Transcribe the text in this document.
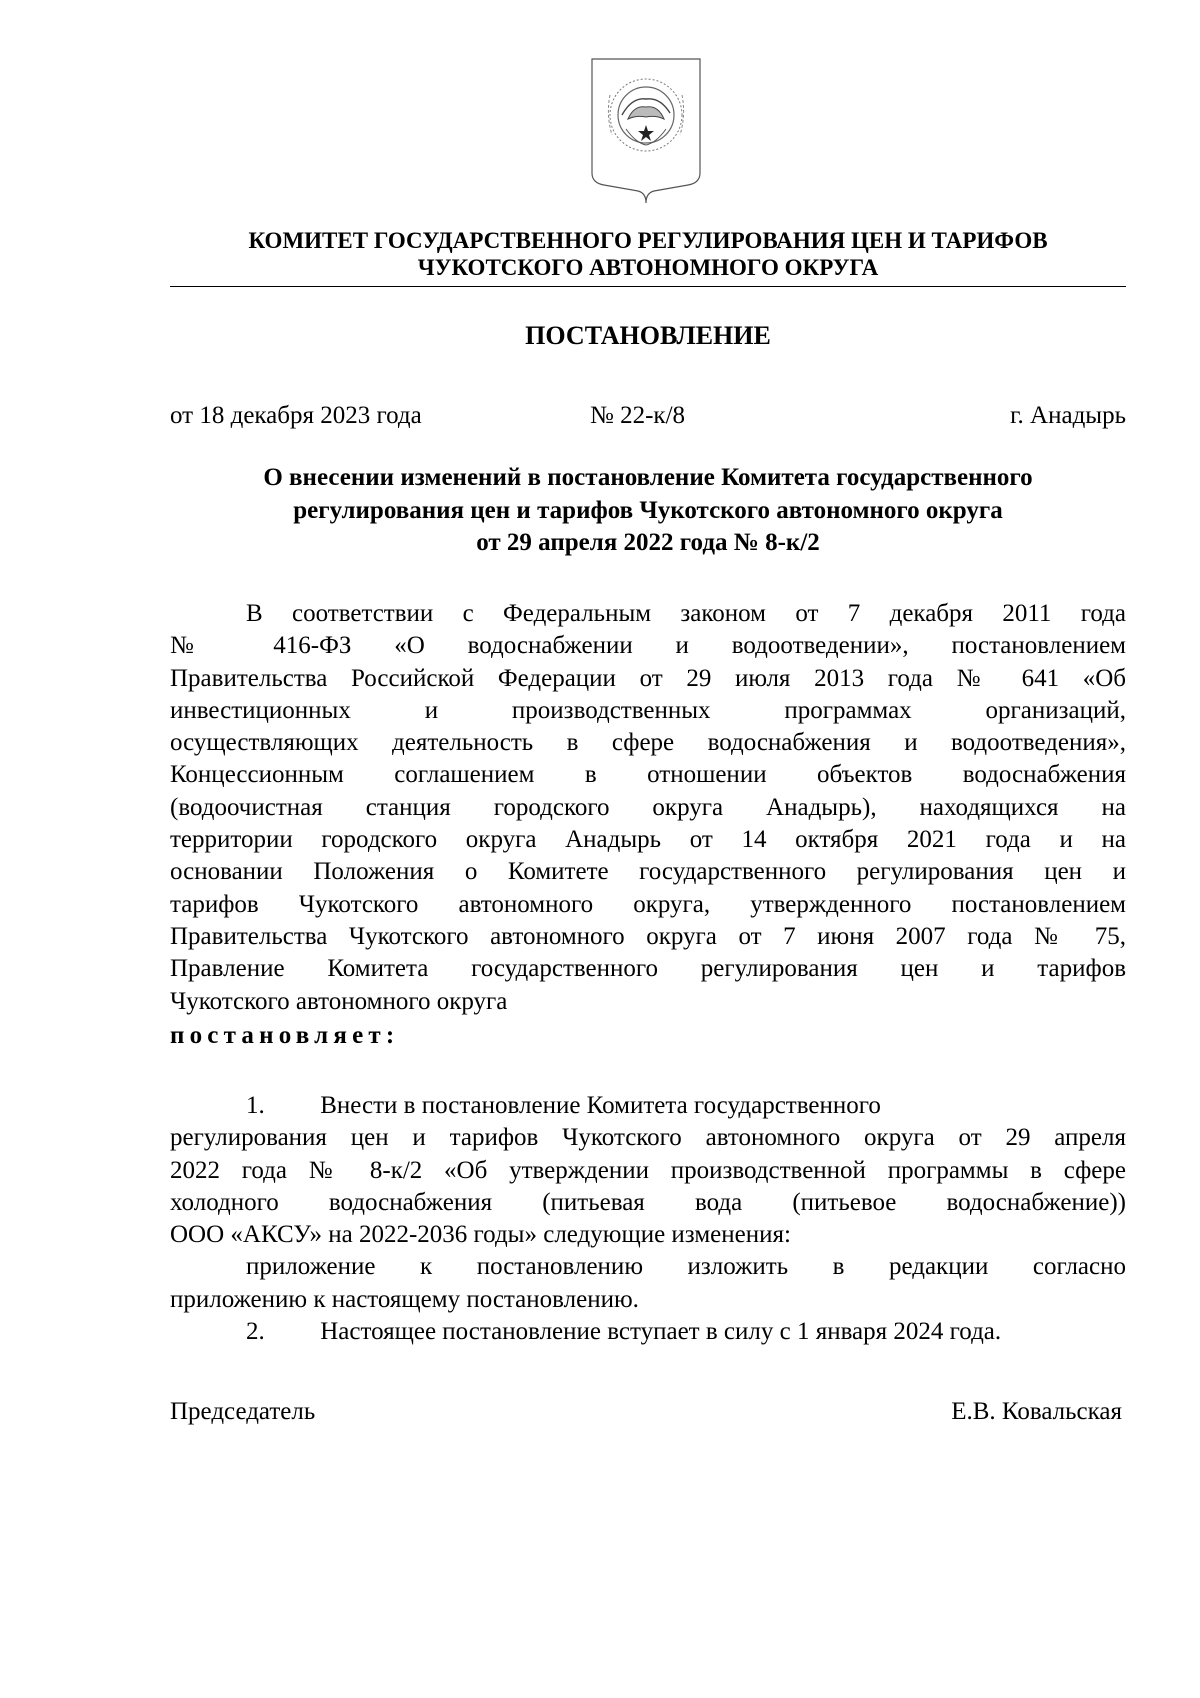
КОМИТЕТ ГОСУДАРСТВЕННОГО РЕГУЛИРОВАНИЯ ЦЕН И ТАРИФОВ
ЧУКОТСКОГО АВТОНОМНОГО ОКРУГА
ПОСТАНОВЛЕНИЕ
от 18 декабря 2023 года	№ 22-к/8	г. Анадырь
О внесении изменений в постановление Комитета государственного
регулирования цен и тарифов Чукотского автономного округа
от 29 апреля 2022 года № 8-к/2
В соответствии с Федеральным законом от 7 декабря 2011 года
№ 416-ФЗ «О водоснабжении и водоотведении», постановлением
Правительства Российской Федерации от 29 июля 2013 года № 641 «Об
инвестиционных и производственных программах организаций,
осуществляющих деятельность в сфере водоснабжения и водоотведения»,
Концессионным соглашением в отношении объектов водоснабжения
(водоочистная станция городского округа Анадырь), находящихся на
территории городского округа Анадырь от 14 октября 2021 года и на
основании Положения о Комитете государственного регулирования цен и
тарифов Чукотского автономного округа, утвержденного постановлением
Правительства Чукотского автономного округа от 7 июня 2007 года № 75,
Правление Комитета государственного регулирования цен и тарифов
Чукотского автономного округа
постановляет:
1. Внести в постановление Комитета государственного
регулирования цен и тарифов Чукотского автономного округа от 29 апреля
2022 года № 8-к/2 «Об утверждении производственной программы в сфере
холодного водоснабжения (питьевая вода (питьевое водоснабжение))
ООО «АКСУ» на 2022-2036 годы» следующие изменения:
приложение к постановлению изложить в редакции согласно
приложению к настоящему постановлению.
2. Настоящее постановление вступает в силу с 1 января 2024 года.
Председатель	Е.В. Ковальская
